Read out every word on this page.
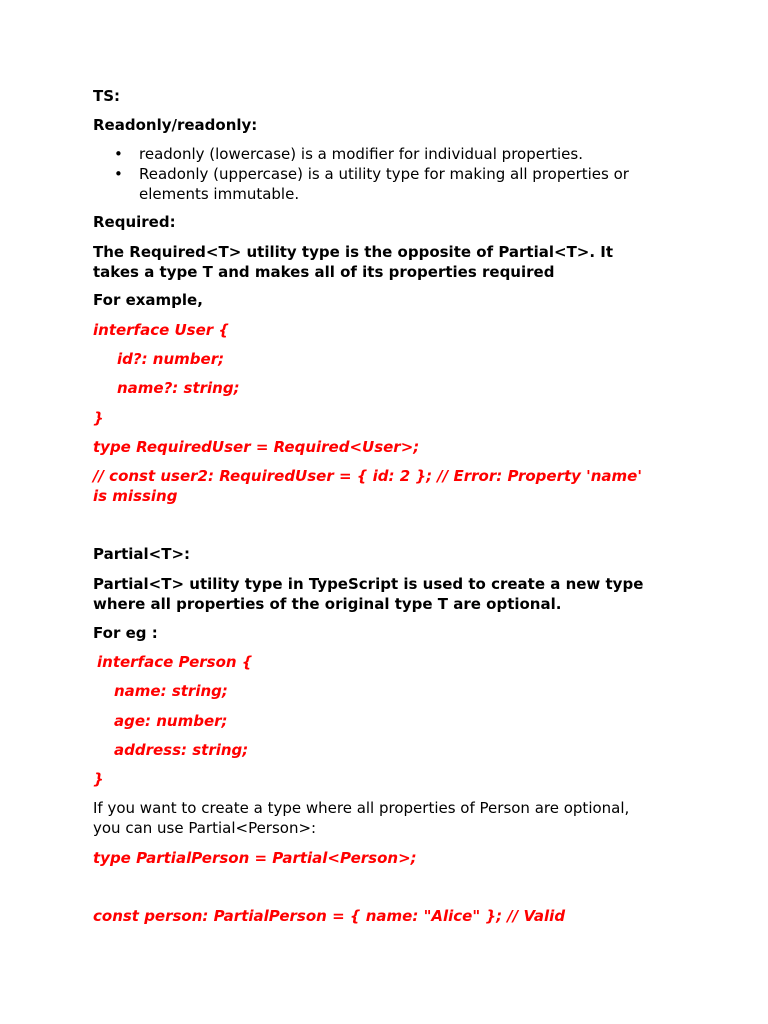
TS:

Readonly/readonly:

•	readonly (lowercase) is a modifier for individual properties.
•	Readonly (uppercase) is a utility type for making all properties or
elements immutable.

Required:

The Required<T> utility type is the opposite of Partial<T>. It

takes a type T and makes all of its properties required

For example,

interface User {

id?: number;

name?: string;

}

type RequiredUser = Required<User>;

// const user2: RequiredUser = { id: 2 }; // Error: Property 'name'

is missing

Partial<T>:

Partial<T> utility type in TypeScript is used to create a new type

where all properties of the original type T are optional.

For eg :

interface Person {

name: string;

age: number;

address: string;

}

If you want to create a type where all properties of Person are optional,

you can use Partial<Person>:

type PartialPerson = Partial<Person>;

const person: PartialPerson = { name: "Alice" }; // Valid
